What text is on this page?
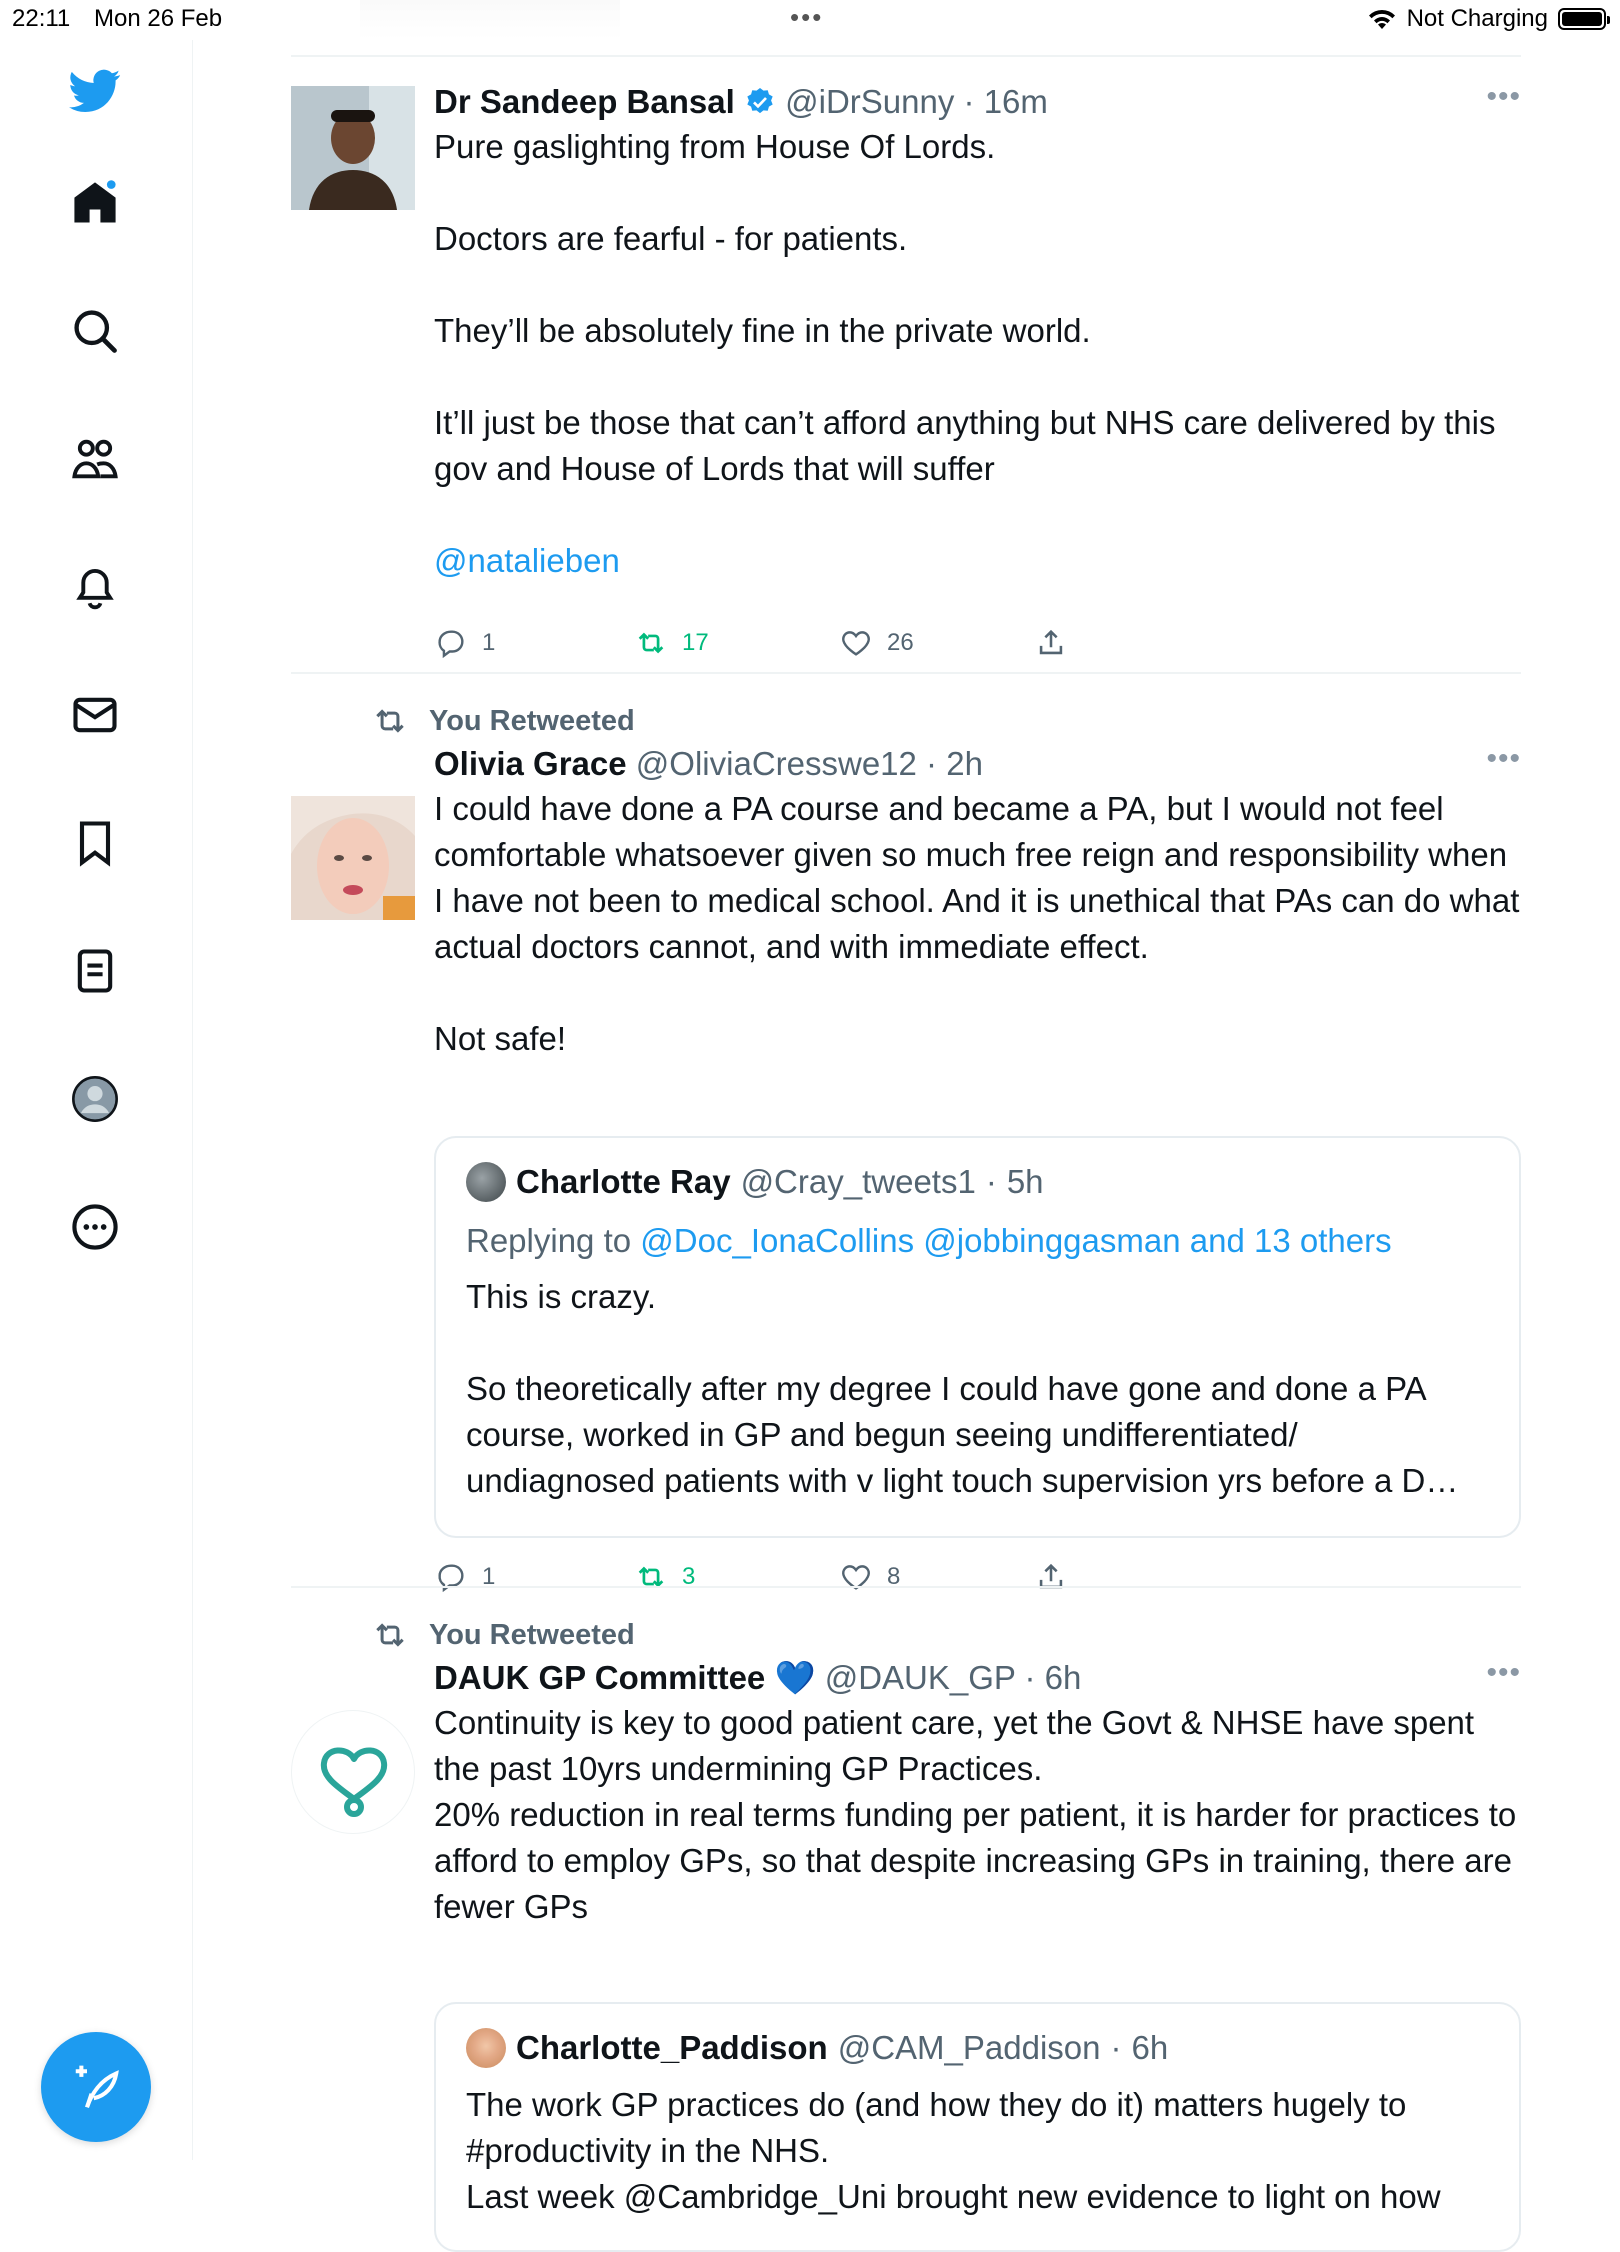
22:11 Mon 26 Feb	•••	Not Charging
Dr Sandeep Bansal @iDrSunny · 16m	•••
Pure gaslighting from House Of Lords.

Doctors are fearful - for patients.

They’ll be absolutely fine in the private world.

It’ll just be those that can’t afford anything but NHS care delivered by this gov and House of Lords that will suffer

@natalieben
1	17	26
You Retweeted
Olivia Grace @OliviaCresswe12 · 2h	•••
I could have done a PA course and became a PA, but I would not feel comfortable whatsoever given so much free reign and responsibility when I have not been to medical school. And it is unethical that PAs can do what actual doctors cannot, and with immediate effect.

Not safe!
Charlotte Ray @Cray_tweets1 · 5h
Replying to @Doc_IonaCollins @jobbinggasman and 13 others
This is crazy.

So theoretically after my degree I could have gone and done a PA course, worked in GP and begun seeing undifferentiated/ undiagnosed patients with v light touch supervision yrs before a D…
1	3	8
You Retweeted
DAUK GP Committee 💙 @DAUK_GP · 6h	•••
Continuity is key to good patient care, yet the Govt & NHSE have spent the past 10yrs undermining GP Practices.
20% reduction in real terms funding per patient, it is harder for practices to afford to employ GPs, so that despite increasing GPs in training, there are fewer GPs
Charlotte_Paddison @CAM_Paddison · 6h
The work GP practices do (and how they do it) matters hugely to #productivity in the NHS.
Last week @Cambridge_Uni brought new evidence to light on how
